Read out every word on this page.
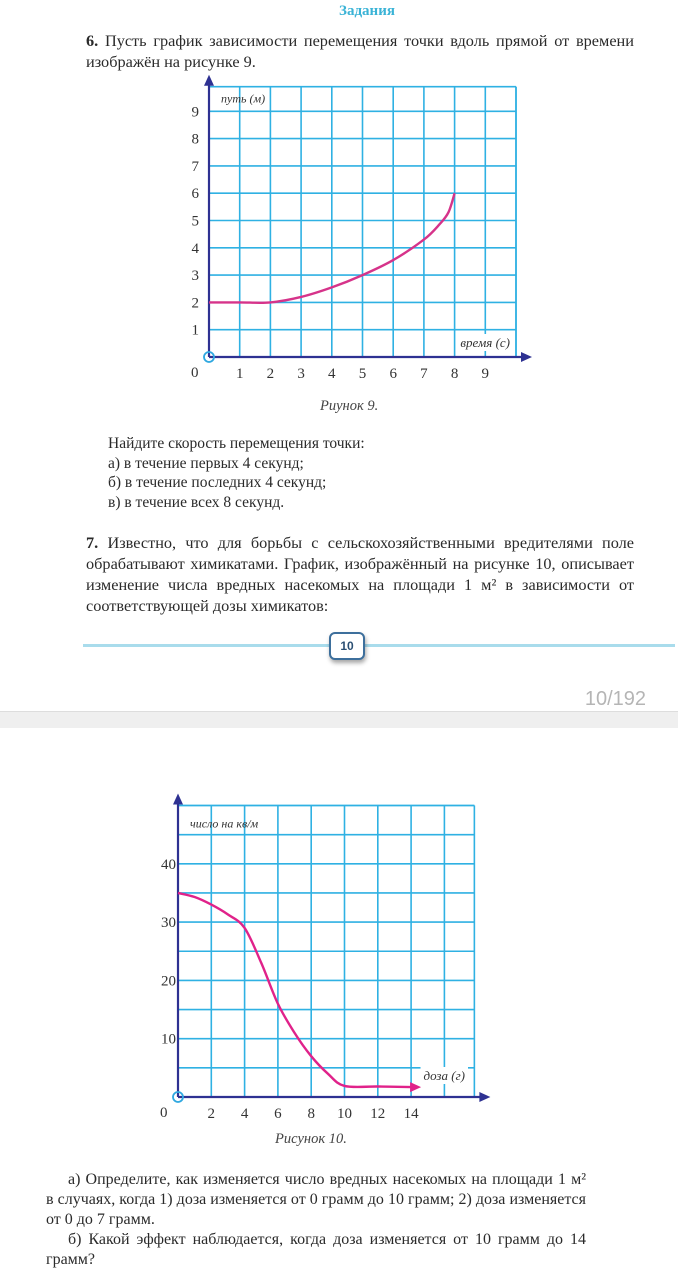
Задания
6. Пусть график зависимости перемещения точки вдоль прямой от времени изображён на рисунке 9.
0 1 2 3 4 5 6 7 8 9
1
2
3
4
5
6
7
8
9
время (с)
путь (м)
Риунок 9.
Найдите скорость перемещения точки:
а) в течение первых 4 секунд;
б) в течение последних 4 секунд;
в) в течение всех 8 секунд.
7. Известно, что для борьбы с сельскохозяйственными вредителями поле обрабатывают химикатами. График, изображённый на рисунке 10, описывает изменение числа вредных насекомых на площади 1 м² в зависимости от соответствующей дозы химикатов:
10
10/192
0	2 4 6 8 10 12 14
10
20
30
40
доза (г)
число на кв/м
Рисунок 10.
а) Определите, как изменяется число вредных насекомых на площади 1 м² в случаях, когда 1) доза изменяется от 0 грамм до 10 грамм; 2) доза изменяется от 0 до 7 грамм.
б) Какой эффект наблюдается, когда доза изменяется от 10 грамм до 14 грамм?
